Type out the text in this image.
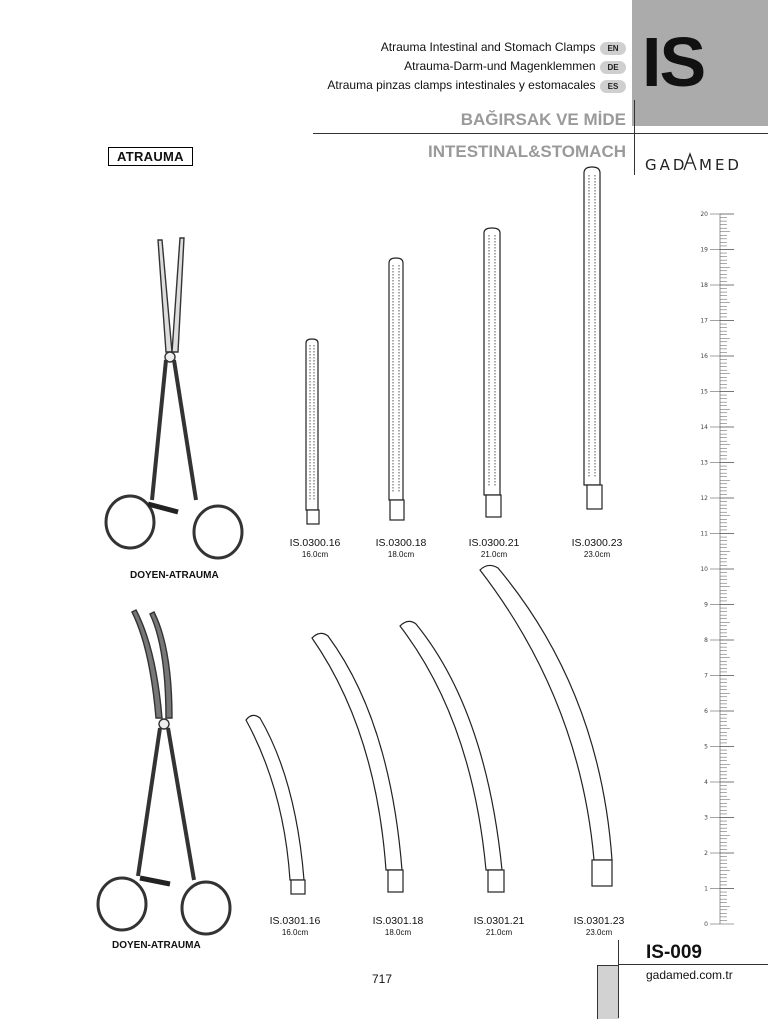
Atrauma Intestinal and Stomach Clamps EN
Atrauma-Darm-und Magenklemmen DE
Atrauma pinzas clamps intestinales y estomacales ES IS
BAĞIRSAK VE MİDE
INTESTINAL&STOMACH
GAD MED
ATRAUMA
DOYEN-ATRAUMA
IS.0300.16
16.0cm
IS.0300.18
18.0cm
IS.0300.21
21.0cm
IS.0300.23
23.0cm
DOYEN-ATRAUMA
IS.0301.16
16.0cm
IS.0301.18
18.0cm
IS.0301.21
21.0cm
IS.0301.23
23.0cm
20
19
18
17
16
15
14
13
12
11
10
9
8
7
6
5
4
3
2
1
0
717
IS-009
gadamed.com.tr
